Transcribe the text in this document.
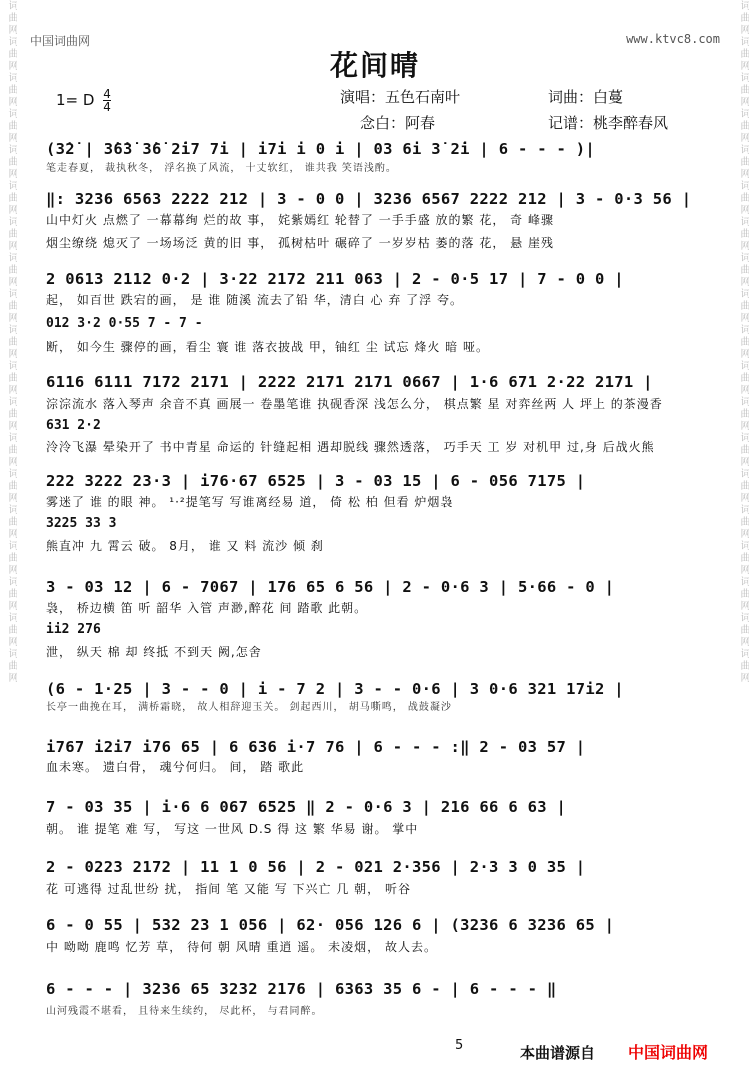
词曲网词曲网词曲网词曲网词曲网词曲网词曲网词曲网词曲网词曲网词曲网词曲网词曲网词曲网词曲网词曲网词曲网词曲网词曲网	词曲网词曲网词曲网词曲网词曲网词曲网词曲网词曲网词曲网词曲网词曲网词曲网词曲网词曲网词曲网词曲网词曲网词曲网词曲网
中国词曲网	www.ktvc8.com
花间晴
1= D $\frac{4}{4}$	演唱：五色石南叶	词曲：白蔓
念白：阿春	记谱：桃李醉春风
(3̇2̇ | 3̇6̇3̇ 3̇6̇ 2̇i7 7i | i7i i 0 i | 03 6i 3̇ 2̇i | 6 - - - )|
笔走春夏， 裁执秋冬， 浮名换了风流， 十丈软红， 谁共我 笑语浅酌。
‖: 3236 6563 2222 212 | 3 - 0 0 | 3236 6567 2222 212 | 3 - 0·3 56 |
山中灯火 点燃了 一幕幕绚 烂的故 事， 姹紫嫣红 轮替了 一手手盛 放的繁 花， 奇 峰骤
烟尘缭绕 熄灭了 一场场泛 黄的旧 事， 孤树枯叶 碾碎了 一岁岁枯 萎的落 花， 悬 崖残
2 0613 2112 0·2 | 3·22 2172 211 063 | 2 - 0·5 17 | 7 - 0 0 |
起， 如百世 跌宕的画， 是 谁 随溪 流去了铅 华，清白 心 弃 了浮 夸。
012 3·2 0·55 7 - 7 -
断， 如今生 骤停的画，看尘 寰 谁 落衣披战 甲，铀红 尘 试忘 烽火 暗 哑。
6116 6111 7172 2171 | 2222 2171 2171 0667 | 1·6 671 2·22 2171 |
淙淙流水 落入琴声 余音不真 画展一 卷墨笔谁 执砚香深 浅怎么分， 棋点繁 星 对弈丝两 人 坪上 的茶漫香
631 2·2
泠泠飞瀑 晕染开了 书中青星 命运的 针缝起相 遇却脱线 骤然透落， 巧手天 工 岁 对机甲 过,身 后战火熊
222 3222 23·3 | i76·67 6525 | 3 - 03 15 | 6 - 056 7175 |
雾迷了 谁 的眼 神。 ¹·²提笔写 写谁离经易 道， 倚 松 柏 但看 炉烟袅
3225 33 3
熊直冲 九 霄云 破。 8月， 谁 又 料 流沙 倾 刹
3 - 03 12 | 6 - 7067 | 176 65 6 56 | 2 - 0·6 3 | 5·66 - 0 |
袅， 桥边横 笛 听 韶华 入管 声渺,醉花 间 踏歌 此朝。
ii2 276
泄， 纵天 棉 却 终抵 不到天 阙,怎舍
(6 - 1·25 | 3 - - 0 | i - 7 2 | 3 - - 0·6 | 3 0·6 321 17i2 |
长亭一曲挽在耳， 满桥霜晓， 故人相辞迎玉关。 剑起西川， 胡马嘶鸣， 战鼓凝沙
i767 i2i7 i76 65 | 6 636 i·7 76 | 6 - - - :‖ 2 - 03 57 |
血未寒。 遗白骨， 魂兮何归。 间， 踏 歌此
7 - 03 35 | i·6 6 067 6525 ‖ 2 - 0·6 3 | 216 66 6 63 |
朝。 谁 提笔 难 写， 写这 一世风 D.S 得 这 繁 华易 谢。 掌中
2 - 0223 2172 | 11 1 0 56 | 2 - 021 2·356 | 2·3 3 0 35 |
花 可逃得 过乱世纷 扰， 指间 笔 又能 写 下兴亡 几 朝， 听谷
6 - 0 55 | 532 23 1 056 | 62· 056 126 6 | (3236 6 3236 65 |
中 呦呦 鹿鸣 忆芳 草， 待何 朝 风晴 重逍 遥。 未凌烟， 故人去。
6 - - - | 3236 65 3232 2176 | 6363 35 6 - | 6 - - - ‖
山河残霞不堪看， 且待来生续约， 尽此杯， 与君同醉。
5	本曲谱源自 中国词曲网
